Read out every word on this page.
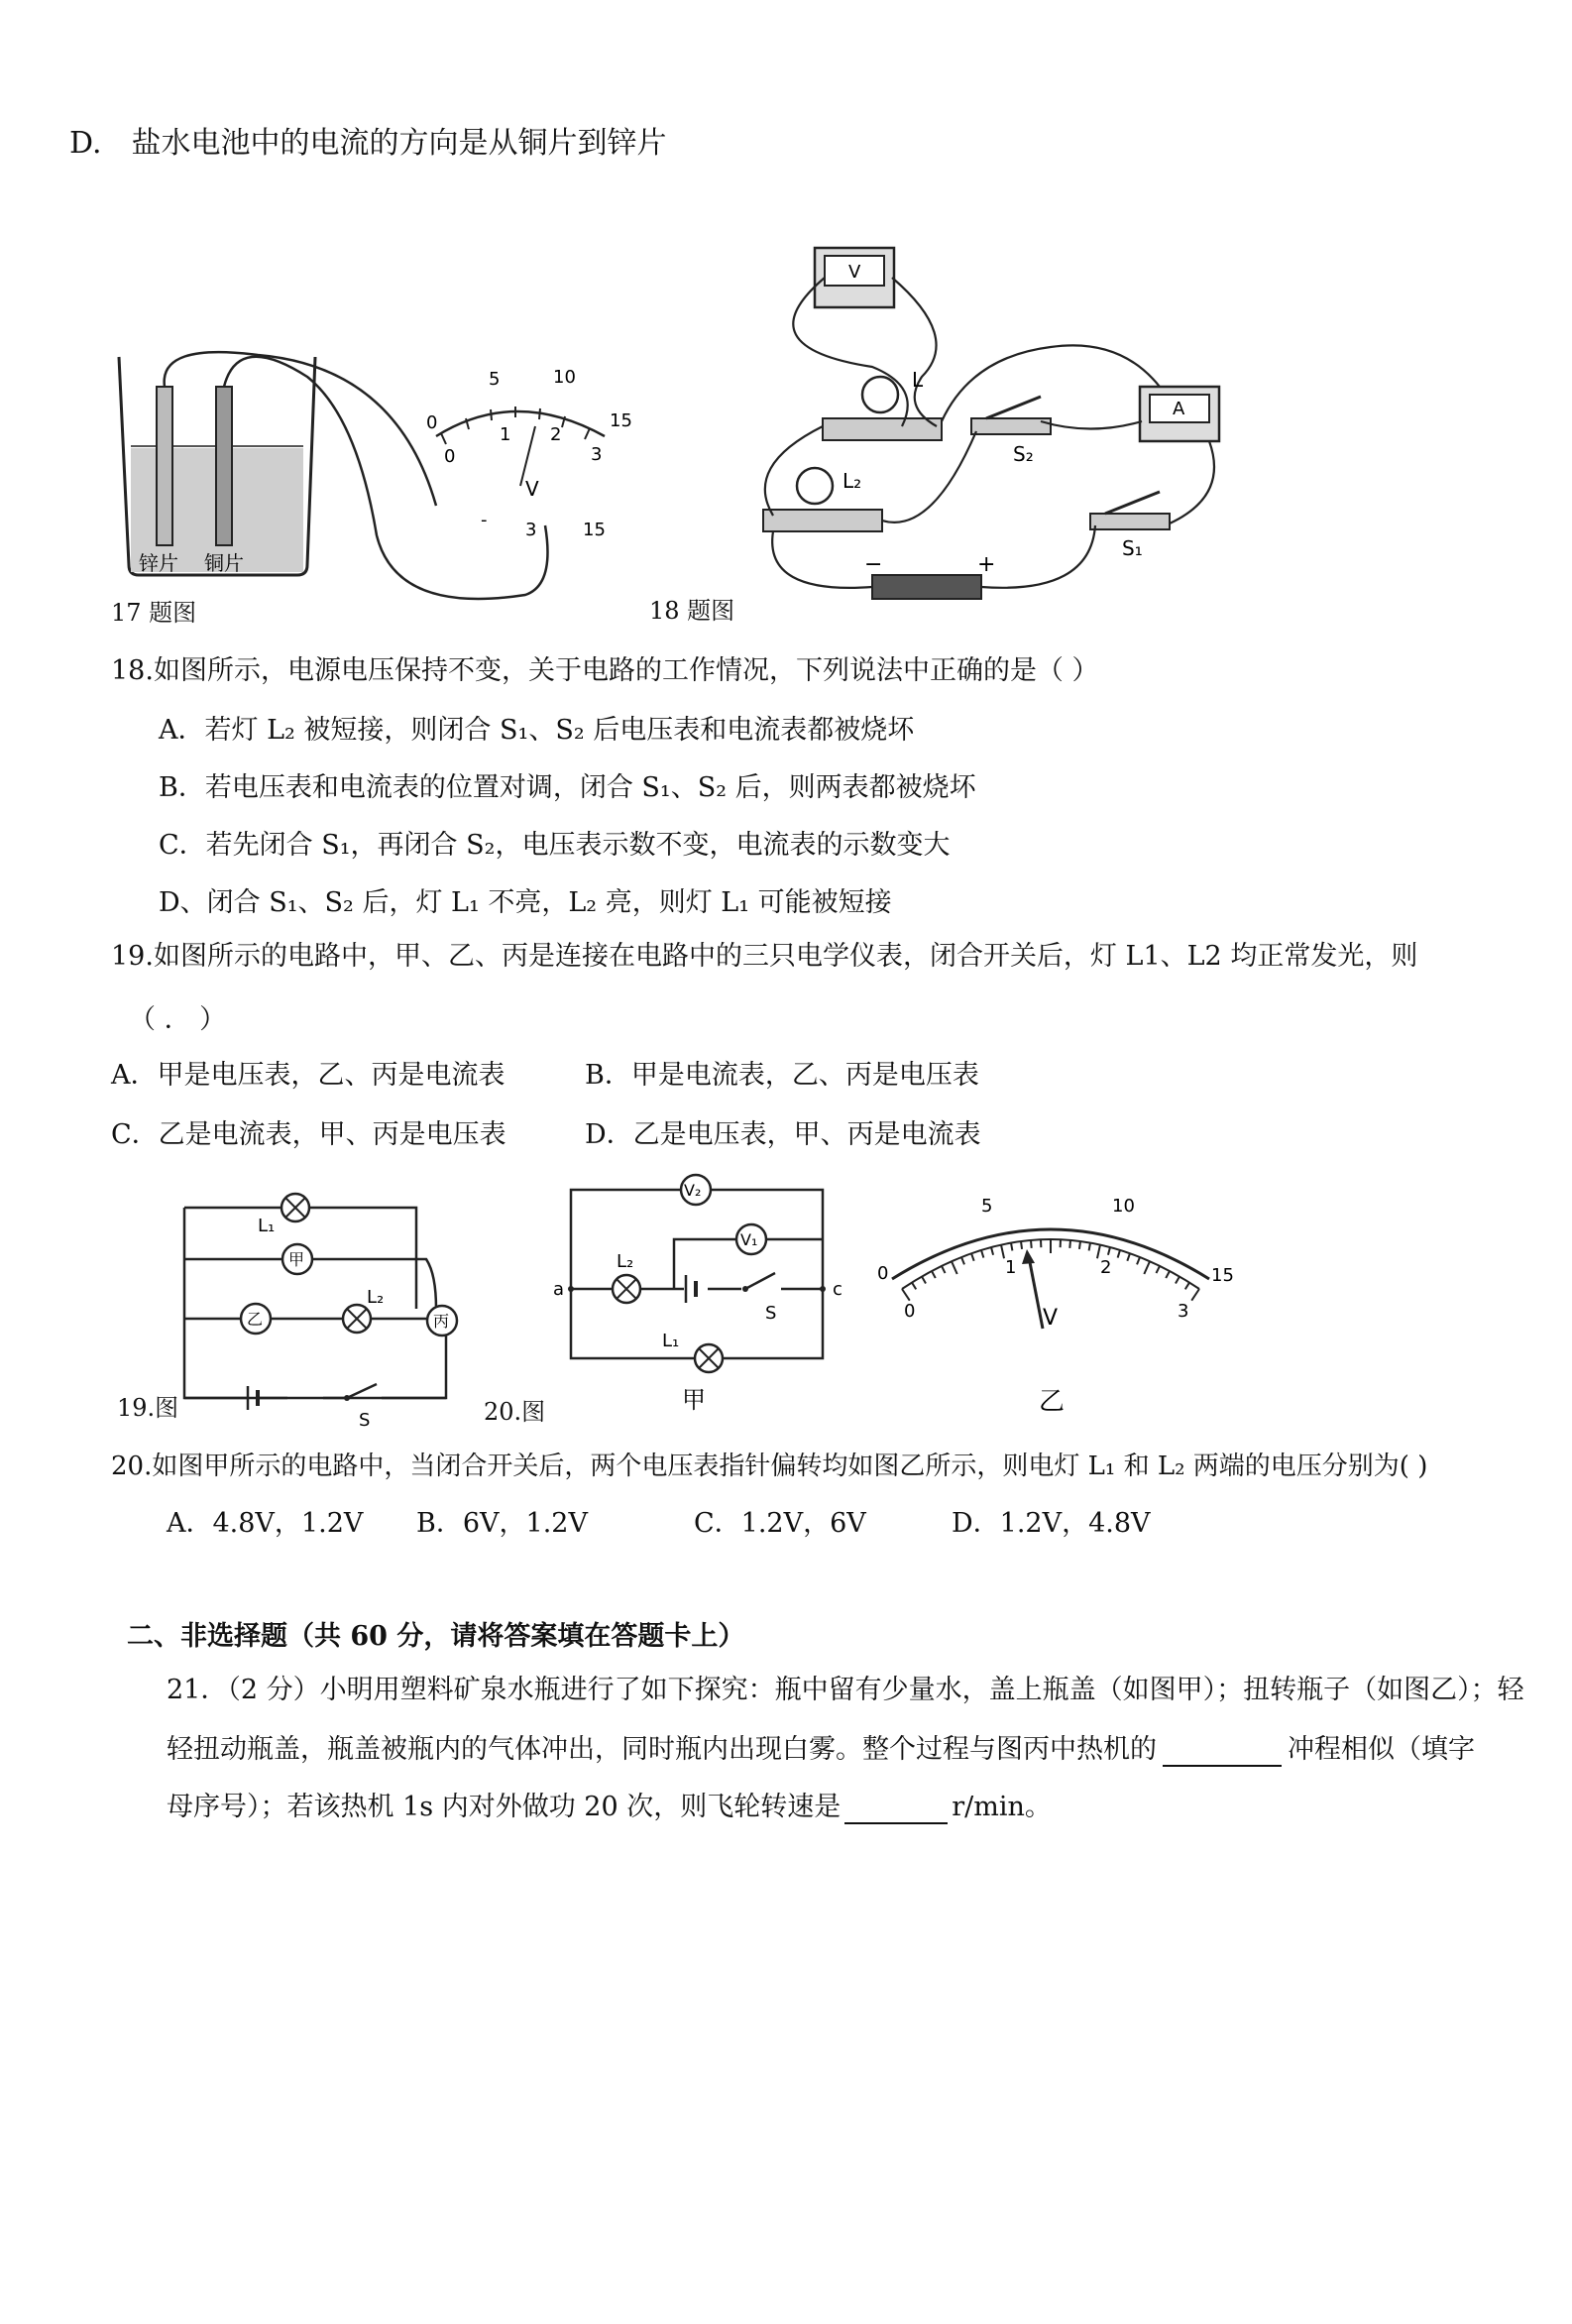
D.　盐水电池中的电流的方向是从铜片到锌片
锌片 铜片
0
5	10
15
0
1 2
3
V
- 3	15
17 题图
V
A
L
L₂
S₂
S₁
−	+
18 题图
18.如图所示，电源电压保持不变，关于电路的工作情况，下列说法中正确的是（ ）
A．若灯 L₂ 被短接，则闭合 S₁、S₂ 后电压表和电流表都被烧坏
B．若电压表和电流表的位置对调，闭合 S₁、S₂ 后，则两表都被烧坏
C．若先闭合 S₁，再闭合 S₂，电压表示数不变，电流表的示数变大
D、闭合 S₁、S₂ 后，灯 L₁ 不亮，L₂ 亮，则灯 L₁ 可能被短接
19.如图所示的电路中，甲、乙、丙是连接在电路中的三只电学仪表，闭合开关后，灯 L1、L2 均正常发光，则
（ ． ）
A．甲是电压表，乙、丙是电流表	B．甲是电流表，乙、丙是电压表
C．乙是电流表，甲、丙是电压表	D．乙是电压表，甲、丙是电流表
L₁
甲
乙
L₂
丙
S
19.图
V₂
V₁
L₂
L₁
a	c
S
甲
20.图
0
5	10
15
0
1	2
3
V
乙
20.如图甲所示的电路中，当闭合开关后，两个电压表指针偏转均如图乙所示，则电灯 L₁ 和 L₂ 两端的电压分别为( )
A．4.8V，1.2V B．6V，1.2V	C．1.2V，6V	D．1.2V，4.8V
二、非选择题（共 60 分，请将答案填在答题卡上）
21．（2 分）小明用塑料矿泉水瓶进行了如下探究：瓶中留有少量水，盖上瓶盖（如图甲）；扭转瓶子（如图乙）；轻
轻扭动瓶盖，瓶盖被瓶内的气体冲出，同时瓶内出现白雾。整个过程与图丙中热机的	冲程相似（填字
母序号）；若该热机 1s 内对外做功 20 次，则飞轮转速是	r/min。
